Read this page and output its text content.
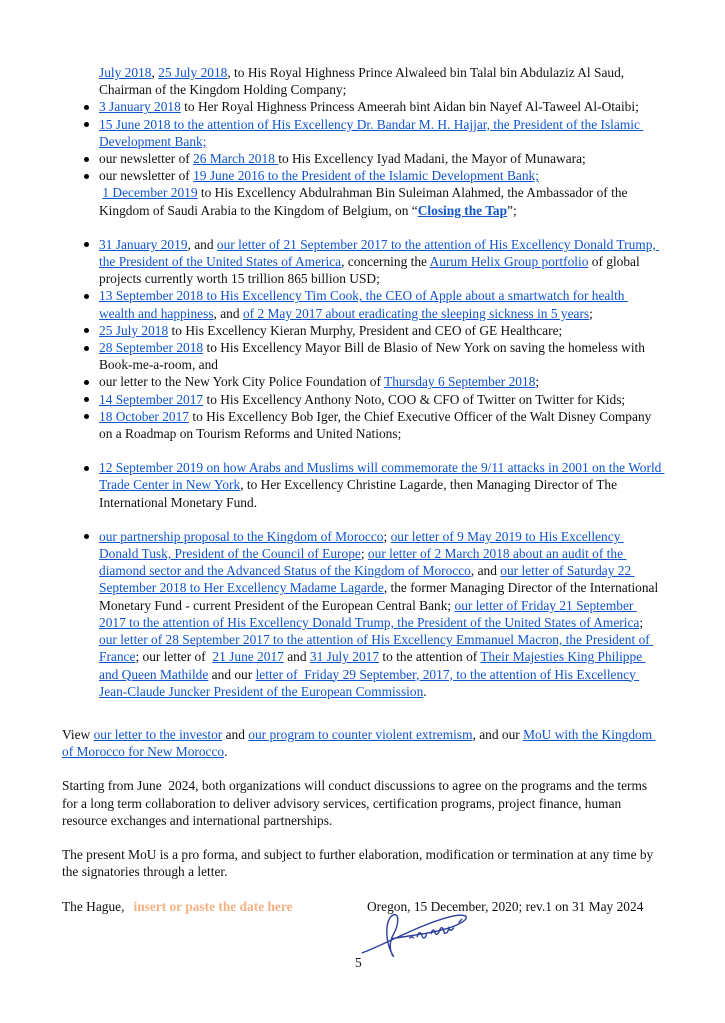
July 2018, 25 July 2018, to His Royal Highness Prince Alwaleed bin Talal bin Abdulaziz Al Saud, Chairman of the Kingdom Holding Company;
3 January 2018 to Her Royal Highness Princess Ameerah bint Aidan bin Nayef Al-Taweel Al-Otaibi;
15 June 2018 to the attention of His Excellency Dr. Bandar M. H. Hajjar, the President of the Islamic Development Bank;
our newsletter of 26 March 2018 to His Excellency Iyad Madani, the Mayor of Munawara;
our newsletter of 19 June 2016 to the President of the Islamic Development Bank;
1 December 2019 to His Excellency Abdulrahman Bin Suleiman Alahmed, the Ambassador of the Kingdom of Saudi Arabia to the Kingdom of Belgium, on “Closing the Tap”;
31 January 2019, and our letter of 21 September 2017 to the attention of His Excellency Donald Trump, the President of the United States of America, concerning the Aurum Helix Group portfolio of global projects currently worth 15 trillion 865 billion USD;
13 September 2018 to His Excellency Tim Cook, the CEO of Apple about a smartwatch for health wealth and happiness, and of 2 May 2017 about eradicating the sleeping sickness in 5 years;
25 July 2018 to His Excellency Kieran Murphy, President and CEO of GE Healthcare;
28 September 2018 to His Excellency Mayor Bill de Blasio of New York on saving the homeless with Book-me-a-room, and
our letter to the New York City Police Foundation of Thursday 6 September 2018;
14 September 2017 to His Excellency Anthony Noto, COO & CFO of Twitter on Twitter for Kids;
18 October 2017 to His Excellency Bob Iger, the Chief Executive Officer of the Walt Disney Company on a Roadmap on Tourism Reforms and United Nations;
12 September 2019 on how Arabs and Muslims will commemorate the 9/11 attacks in 2001 on the World Trade Center in New York, to Her Excellency Christine Lagarde, then Managing Director of The International Monetary Fund.
our partnership proposal to the Kingdom of Morocco; our letter of 9 May 2019 to His Excellency Donald Tusk, President of the Council of Europe; our letter of 2 March 2018 about an audit of the diamond sector and the Advanced Status of the Kingdom of Morocco, and our letter of Saturday 22 September 2018 to Her Excellency Madame Lagarde, the former Managing Director of the International Monetary Fund - current President of the European Central Bank; our letter of Friday 21 September 2017 to the attention of His Excellency Donald Trump, the President of the United States of America; our letter of 28 September 2017 to the attention of His Excellency Emmanuel Macron, the President of France; our letter of  21 June 2017 and 31 July 2017 to the attention of Their Majesties King Philippe and Queen Mathilde and our letter of  Friday 29 September, 2017, to the attention of His Excellency Jean-Claude Juncker President of the European Commission.
View our letter to the investor and our program to counter violent extremism, and our MoU with the Kingdom of Morocco for New Morocco.
Starting from June  2024, both organizations will conduct discussions to agree on the programs and the terms for a long term collaboration to deliver advisory services, certification programs, project finance, human resource exchanges and international partnerships.
The present MoU is a pro forma, and subject to further elaboration, modification or termination at any time by the signatories through a letter.
The Hague, insert or paste the date here	Oregon, 15 December, 2020; rev.1 on 31 May 2024
5
